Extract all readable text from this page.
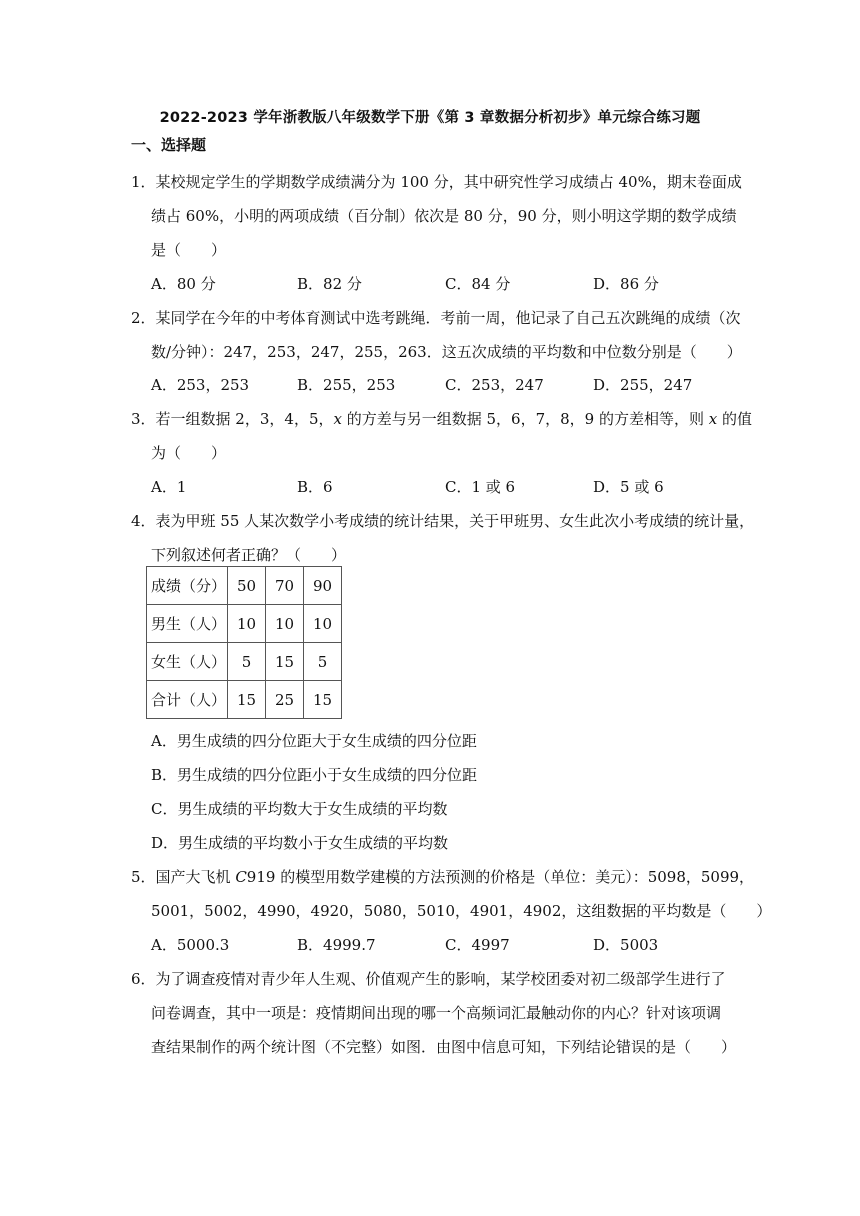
2022-2023 学年浙教版八年级数学下册《第 3 章数据分析初步》单元综合练习题
一、选择题
1．某校规定学生的学期数学成绩满分为 100 分，其中研究性学习成绩占 40%，期末卷面成
绩占 60%，小明的两项成绩（百分制）依次是 80 分，90 分，则小明这学期的数学成绩
是（　　）
A．80 分	B．82 分	C．84 分	D．86 分
2．某同学在今年的中考体育测试中选考跳绳．考前一周，他记录了自己五次跳绳的成绩（次
数/分钟）：247，253，247，255，263．这五次成绩的平均数和中位数分别是（　　）
A．253，253	B．255，253	C．253，247	D．255，247
3．若一组数据 2，3，4，5，x 的方差与另一组数据 5，6，7，8，9 的方差相等，则 x 的值
为（　　）
A．1	B．6	C．1 或 6	D．5 或 6
4．表为甲班 55 人某次数学小考成绩的统计结果，关于甲班男、女生此次小考成绩的统计量，
下列叙述何者正确？（　　）
成绩（分）	50	70	90
男生（人）	10	10	10
女生（人）	5	15	5
合计（人）	15	25	15
A．男生成绩的四分位距大于女生成绩的四分位距
B．男生成绩的四分位距小于女生成绩的四分位距
C．男生成绩的平均数大于女生成绩的平均数
D．男生成绩的平均数小于女生成绩的平均数
5．国产大飞机 C919 的模型用数学建模的方法预测的价格是（单位：美元）：5098，5099，
5001，5002，4990，4920，5080，5010，4901，4902，这组数据的平均数是（　　）
A．5000.3	B．4999.7	C．4997	D．5003
6．为了调查疫情对青少年人生观、价值观产生的影响，某学校团委对初二级部学生进行了
问卷调查，其中一项是：疫情期间出现的哪一个高频词汇最触动你的内心？针对该项调
查结果制作的两个统计图（不完整）如图．由图中信息可知，下列结论错误的是（　　）
